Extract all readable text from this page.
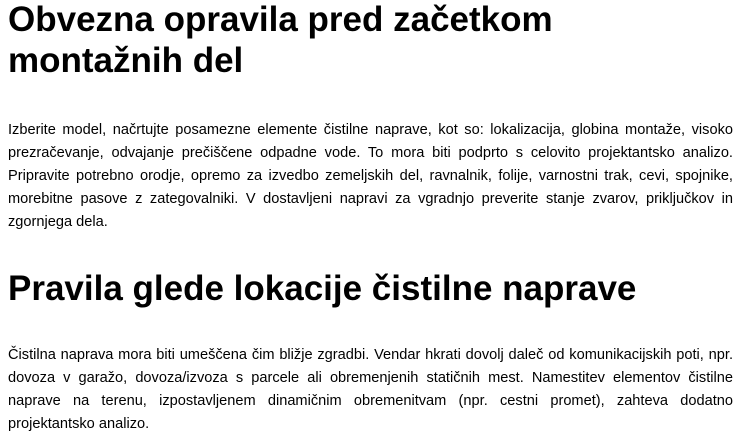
Obvezna opravila pred začetkom montažnih del

Izberite model, načrtujte posamezne elemente čistilne naprave, kot so: lokalizacija, globina montaže, visoko prezračevanje, odvajanje prečiščene odpadne vode. To mora biti podprto s celovito projektantsko analizo. Pripravite potrebno orodje, opremo za izvedbo zemeljskih del, ravnalnik, folije, varnostni trak, cevi, spojnike, morebitne pasove z zategovalniki. V dostavljeni napravi za vgradnjo preverite stanje zvarov, priključkov in zgornjega dela.

Pravila glede lokacije čistilne naprave

Čistilna naprava mora biti umeščena čim bližje zgradbi. Vendar hkrati dovolj daleč od komunikacijskih poti, npr. dovoza v garažo, dovoza/izvoza s parcele ali obremenjenih statičnih mest. Namestitev elementov čistilne naprave na terenu, izpostavljenem dinamičnim obremenitvam (npr. cestni promet), zahteva dodatno projektantsko analizo.
